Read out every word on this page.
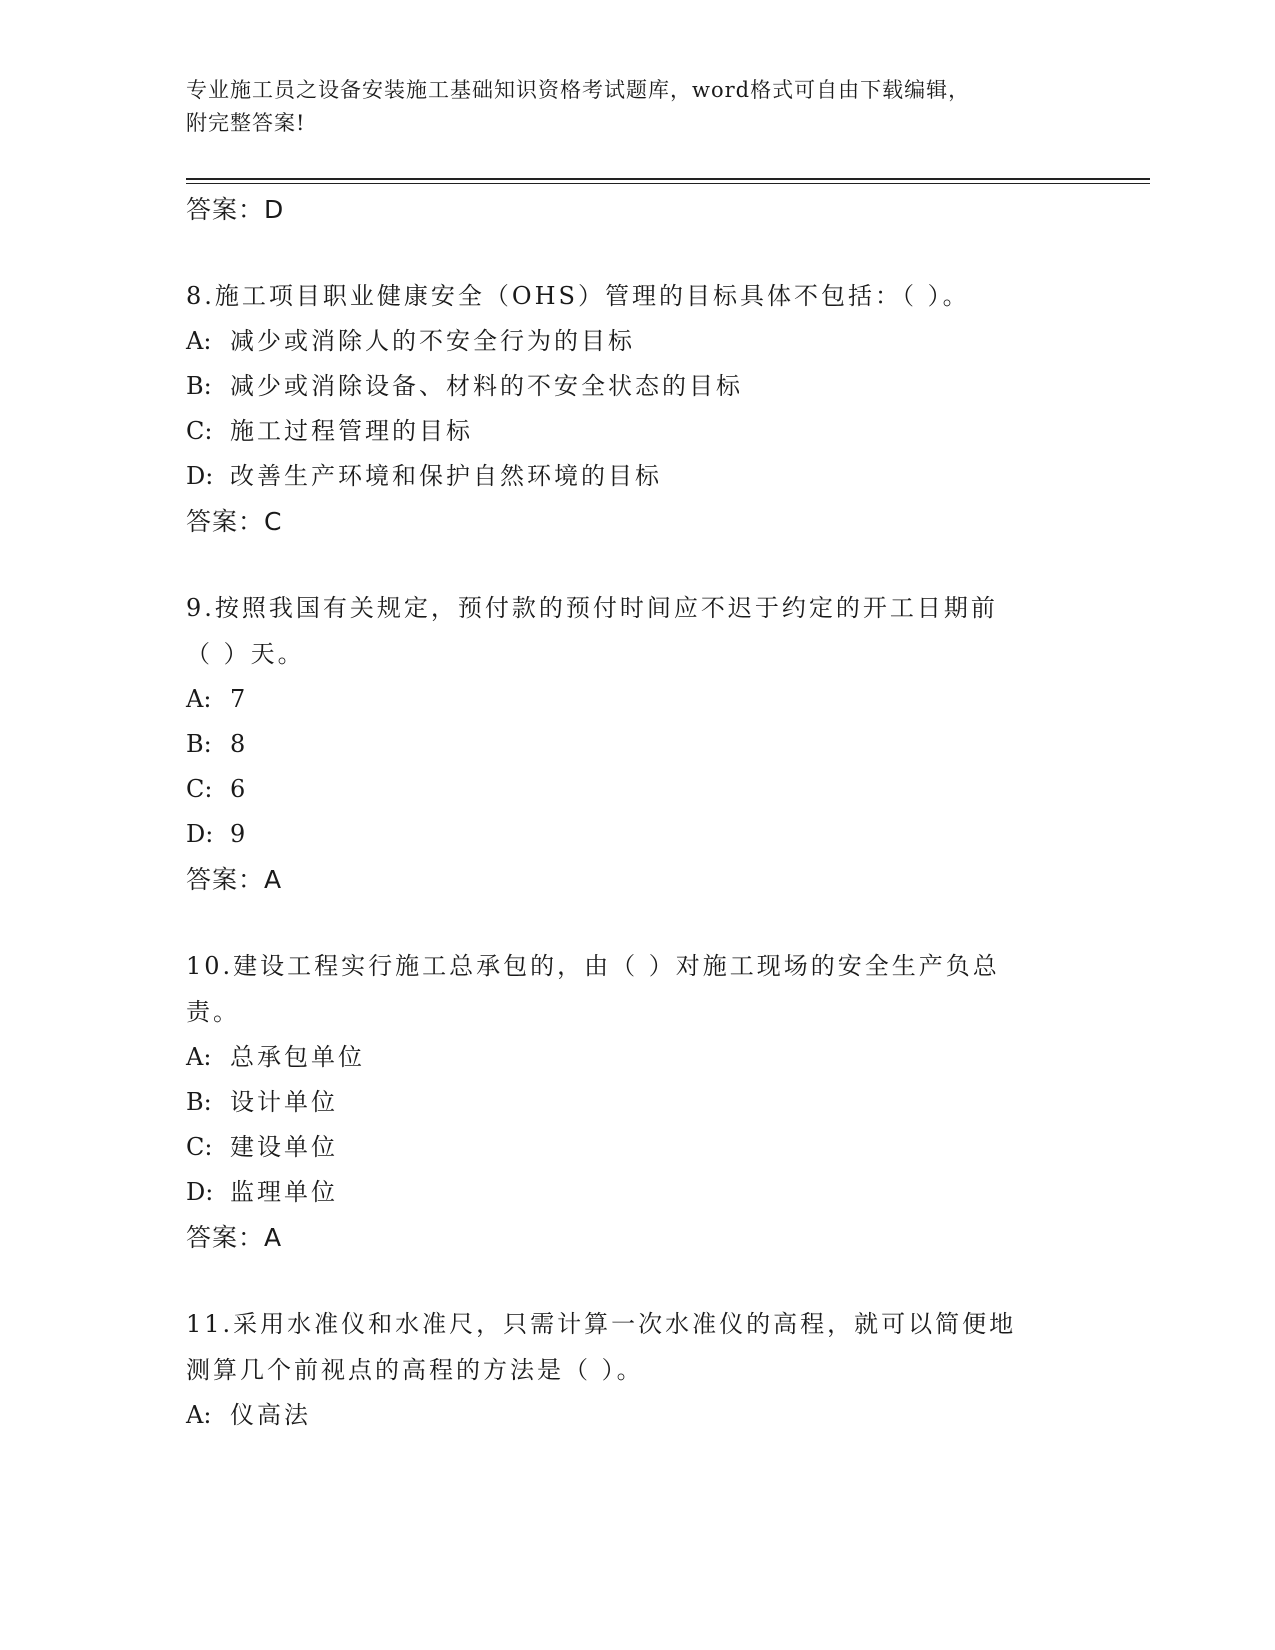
专业施工员之设备安装施工基础知识资格考试题库，word格式可自由下载编辑，
附完整答案!
答案：D
8.施工项目职业健康安全（OHS）管理的目标具体不包括：（ ）。
A: 减少或消除人的不安全行为的目标
B: 减少或消除设备、材料的不安全状态的目标
C: 施工过程管理的目标
D: 改善生产环境和保护自然环境的目标
答案：C
9.按照我国有关规定，预付款的预付时间应不迟于约定的开工日期前
（ ）天。
A: 7
B: 8
C: 6
D: 9
答案：A
10.建设工程实行施工总承包的，由（ ）对施工现场的安全生产负总
责。
A: 总承包单位
B: 设计单位
C: 建设单位
D: 监理单位
答案：A
11.采用水准仪和水准尺，只需计算一次水准仪的高程，就可以简便地
测算几个前视点的高程的方法是（ ）。
A: 仪高法
